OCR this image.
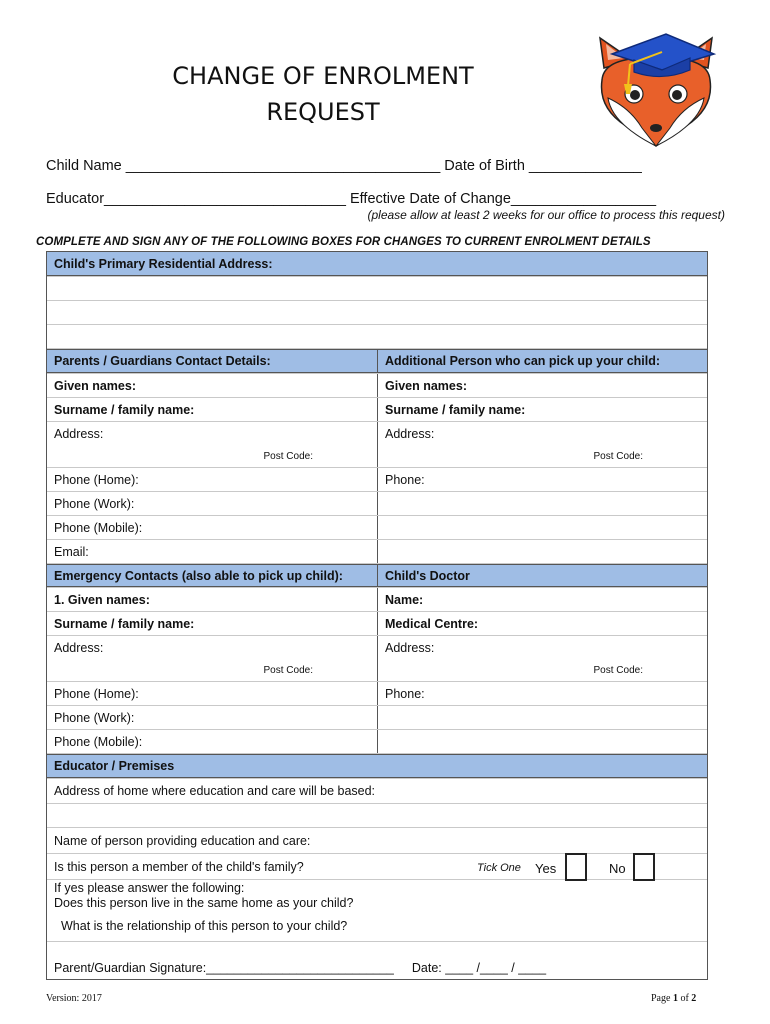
CHANGE OF ENROLMENT
REQUEST
Child Name _______________________________________ Date of Birth ______________
Educator______________________________ Effective Date of Change__________________
(please allow at least 2 weeks for our office to process this request)
COMPLETE AND SIGN ANY OF THE FOLLOWING BOXES FOR CHANGES TO CURRENT ENROLMENT DETAILS
Child's Primary Residential Address:
Parents / Guardians Contact Details:	Additional Person who can pick up your child:
Given names:	Given names:
Surname / family name:	Surname / family name:
Address:	Address:
Post Code:	Post Code:
Phone (Home):	Phone:
Phone (Work):
Phone (Mobile):
Email:
Emergency Contacts (also able to pick up child):	Child's Doctor
1. Given names:	Name:
Surname / family name:	Medical Centre:
Address:	Address:
Post Code:	Post Code:
Phone (Home):	Phone:
Phone (Work):
Phone (Mobile):
Educator / Premises
Address of home where education and care will be based:
Name of person providing education and care:
Is this person a member of the child's family?	Tick One Yes	No
If yes please answer the following:
Does this person live in the same home as your child?
What is the relationship of this person to your child?
Parent/Guardian Signature:___________________________ Date: ____ /____ / ____
Version: 2017	Page 1 of 2
